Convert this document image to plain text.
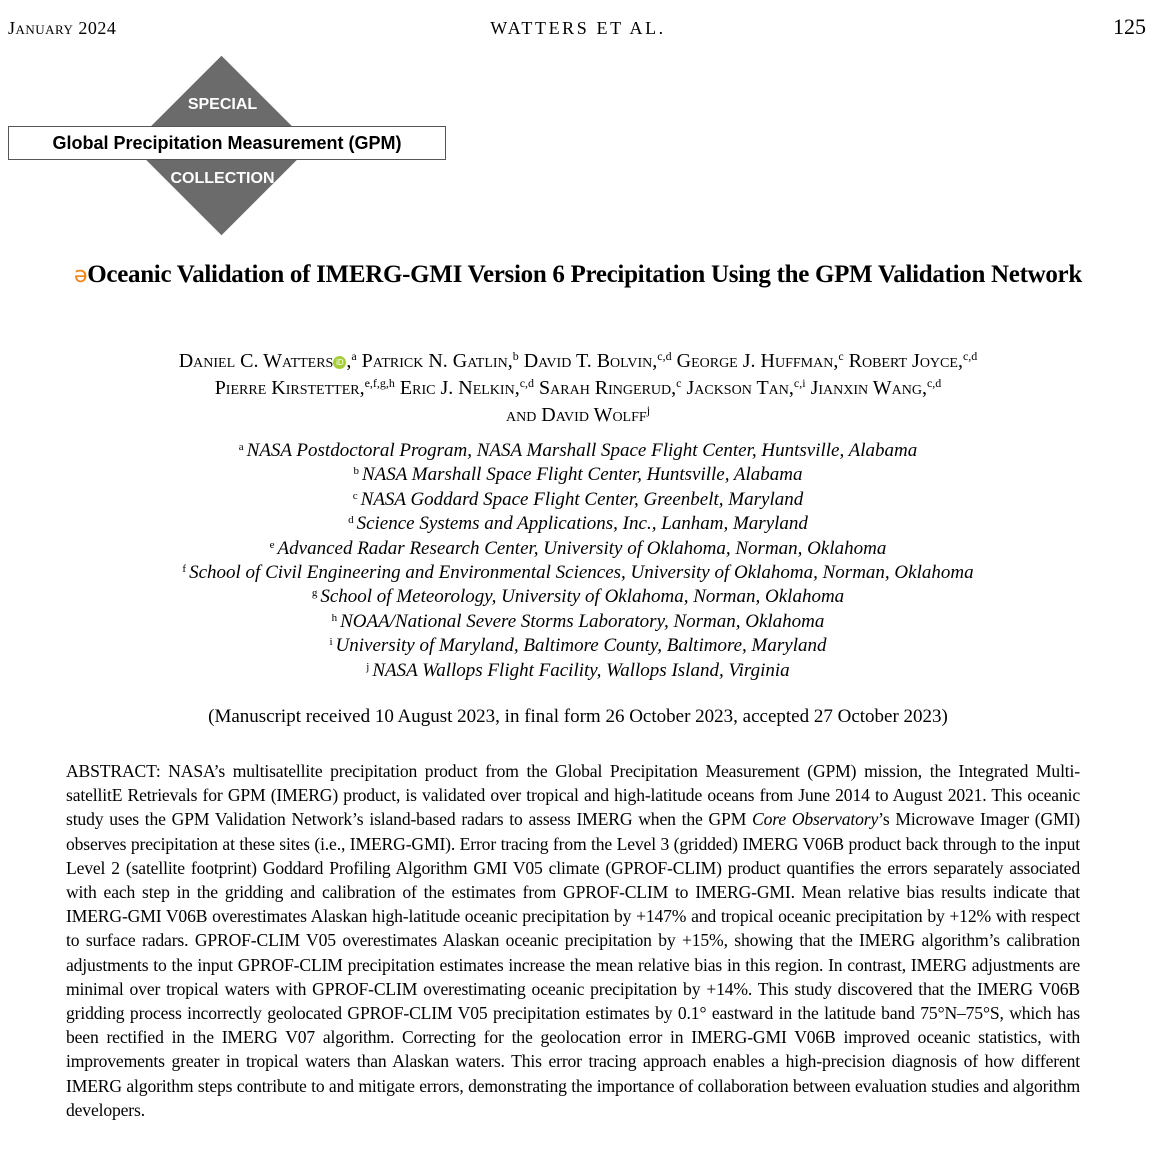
January 2024	WATTERS ET AL.	125
SPECIAL
Global Precipitation Measurement (GPM)
COLLECTION
əOceanic Validation of IMERG-GMI Version 6 Precipitation Using the GPM Validation Network
Daniel C. Watters iD ,$^a$ Patrick N. Gatlin,$^b$ David T. Bolvin,$^{c,d}$ George J. Huffman,$^c$ Robert Joyce,$^{c,d}$
Pierre Kirstetter,$^{e,f,g,h}$ Eric J. Nelkin,$^{c,d}$ Sarah Ringerud,$^c$ Jackson Tan,$^{c,i}$ Jianxin Wang,$^{c,d}$
and David Wolff$^j$
$^a$ NASA Postdoctoral Program, NASA Marshall Space Flight Center, Huntsville, Alabama
$^b$ NASA Marshall Space Flight Center, Huntsville, Alabama
$^c$ NASA Goddard Space Flight Center, Greenbelt, Maryland
$^d$ Science Systems and Applications, Inc., Lanham, Maryland
$^e$ Advanced Radar Research Center, University of Oklahoma, Norman, Oklahoma
$^f$ School of Civil Engineering and Environmental Sciences, University of Oklahoma, Norman, Oklahoma
$^g$ School of Meteorology, University of Oklahoma, Norman, Oklahoma
$^h$ NOAA/National Severe Storms Laboratory, Norman, Oklahoma
$^i$ University of Maryland, Baltimore County, Baltimore, Maryland
$^j$ NASA Wallops Flight Facility, Wallops Island, Virginia
(Manuscript received 10 August 2023, in final form 26 October 2023, accepted 27 October 2023)
ABSTRACT: NASA’s multisatellite precipitation product from the Global Precipitation Measurement (GPM) mission, the Integrated Multi-satellitE Retrievals for GPM (IMERG) product, is validated over tropical and high-latitude oceans from June 2014 to August 2021. This oceanic study uses the GPM Validation Network’s island-based radars to assess IMERG when the GPM Core Observatory’s Microwave Imager (GMI) observes precipitation at these sites (i.e., IMERG-GMI). Error tracing from the Level 3 (gridded) IMERG V06B product back through to the input Level 2 (satellite footprint) Goddard Profiling Algorithm GMI V05 climate (GPROF-CLIM) product quantifies the errors separately associated with each step in the gridding and calibration of the estimates from GPROF-CLIM to IMERG-GMI. Mean relative bias results indicate that IMERG-GMI V06B overestimates Alaskan high-latitude oceanic precipitation by +147% and tropical oceanic precipitation by +12% with respect to surface radars. GPROF-CLIM V05 overestimates Alaskan oceanic precipitation by +15%, showing that the IMERG algorithm’s calibration adjustments to the input GPROF-CLIM precipitation estimates increase the mean relative bias in this region. In contrast, IMERG adjustments are minimal over tropical waters with GPROF-CLIM overestimating oceanic precipitation by +14%. This study discovered that the IMERG V06B gridding process incorrectly geolocated GPROF-CLIM V05 precipitation estimates by 0.1° eastward in the latitude band 75°N–75°S, which has been rectified in the IMERG V07 algorithm. Correcting for the geolocation error in IMERG-GMI V06B improved oceanic statistics, with improvements greater in tropical waters than Alaskan waters. This error tracing approach enables a high-precision diagnosis of how different IMERG algorithm steps contribute to and mitigate errors, demonstrating the importance of collaboration between evaluation studies and algorithm developers.
